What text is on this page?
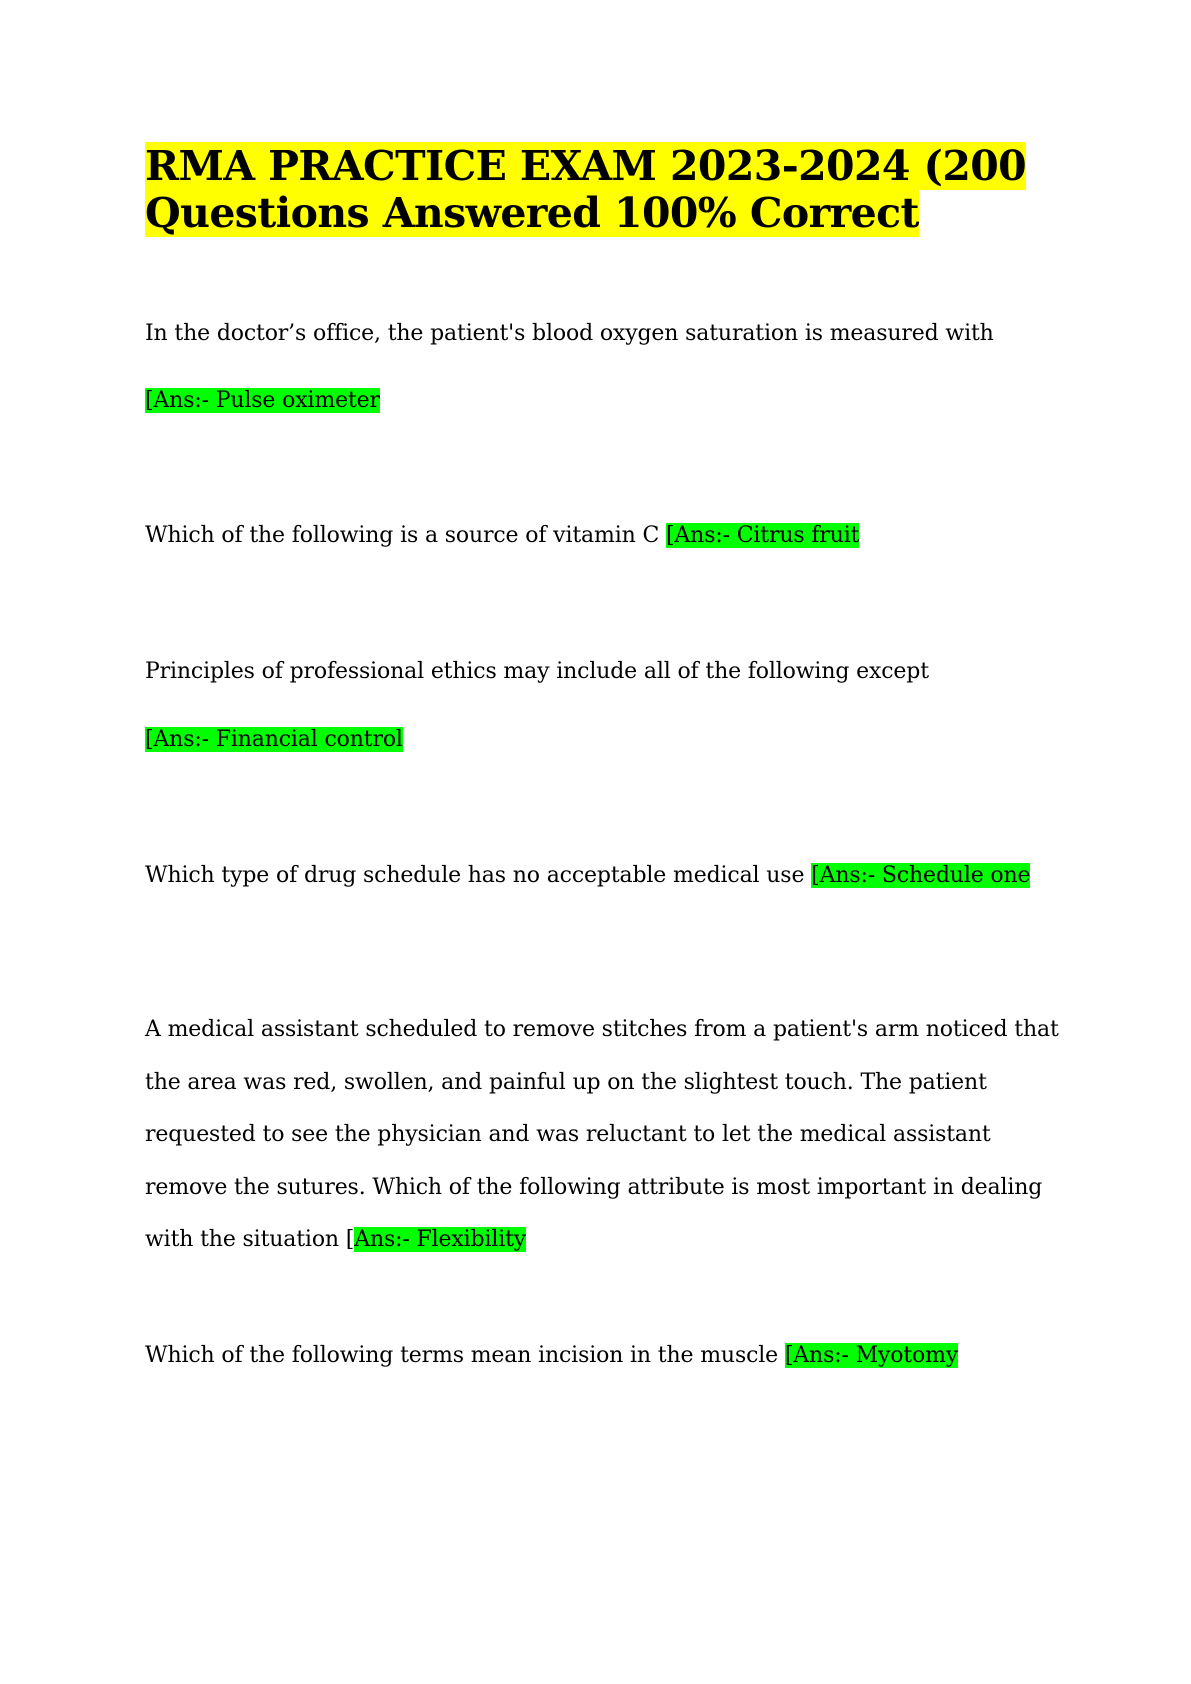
RMA PRACTICE EXAM 2023-2024 (200 Questions Answered 100% Correct

In the doctor’s office, the patient's blood oxygen saturation is measured with

[Ans:- Pulse oximeter

Which of the following is a source of vitamin C [Ans:- Citrus fruit

Principles of professional ethics may include all of the following except

[Ans:- Financial control

Which type of drug schedule has no acceptable medical use [Ans:- Schedule one

A medical assistant scheduled to remove stitches from a patient's arm noticed that the area was red, swollen, and painful up on the slightest touch. The patient requested to see the physician and was reluctant to let the medical assistant remove the sutures. Which of the following attribute is most important in dealing with the situation [Ans:- Flexibility

Which of the following terms mean incision in the muscle [Ans:- Myotomy
